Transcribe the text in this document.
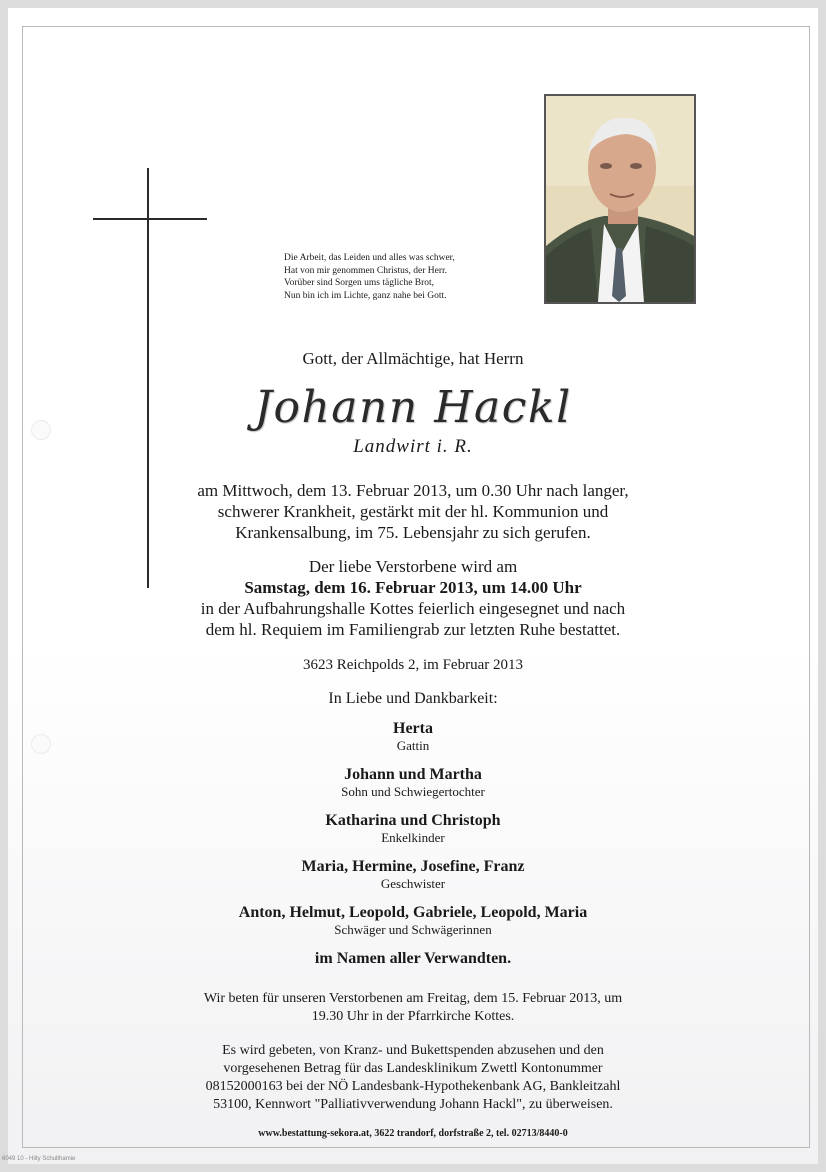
Die Arbeit, das Leiden und alles was schwer,
Hat von mir genommen Christus, der Herr.
Vorüber sind Sorgen ums tägliche Brot,
Nun bin ich im Lichte, ganz nahe bei Gott.
Gott, der Allmächtige, hat Herrn
Johann Hackl
Landwirt i. R.
am Mittwoch, dem 13. Februar 2013, um 0.30 Uhr nach langer,
schwerer Krankheit, gestärkt mit der hl. Kommunion und
Krankensalbung, im 75. Lebensjahr zu sich gerufen.
Der liebe Verstorbene wird am
Samstag, dem 16. Februar 2013, um 14.00 Uhr
in der Aufbahrungshalle Kottes feierlich eingesegnet und nach
dem hl. Requiem im Familiengrab zur letzten Ruhe bestattet.
3623 Reichpolds 2, im Februar 2013
In Liebe und Dankbarkeit:
Herta
Gattin
Johann und Martha
Sohn und Schwiegertochter
Katharina und Christoph
Enkelkinder
Maria, Hermine, Josefine, Franz
Geschwister
Anton, Helmut, Leopold, Gabriele, Leopold, Maria
Schwäger und Schwägerinnen
im Namen aller Verwandten.
Wir beten für unseren Verstorbenen am Freitag, dem 15. Februar 2013, um
19.30 Uhr in der Pfarrkirche Kottes.
Es wird gebeten, von Kranz- und Bukettspenden abzusehen und den
vorgesehenen Betrag für das Landesklinikum Zwettl Kontonummer
08152000163 bei der NÖ Landesbank-Hypothekenbank AG, Bankleitzahl
53100, Kennwort "Palliativverwendung Johann Hackl", zu überweisen.
www.bestattung-sekora.at, 3622 trandorf, dorfstraße 2, tel. 02713/8440-0
6049 10 - Hilty Schulthamie
